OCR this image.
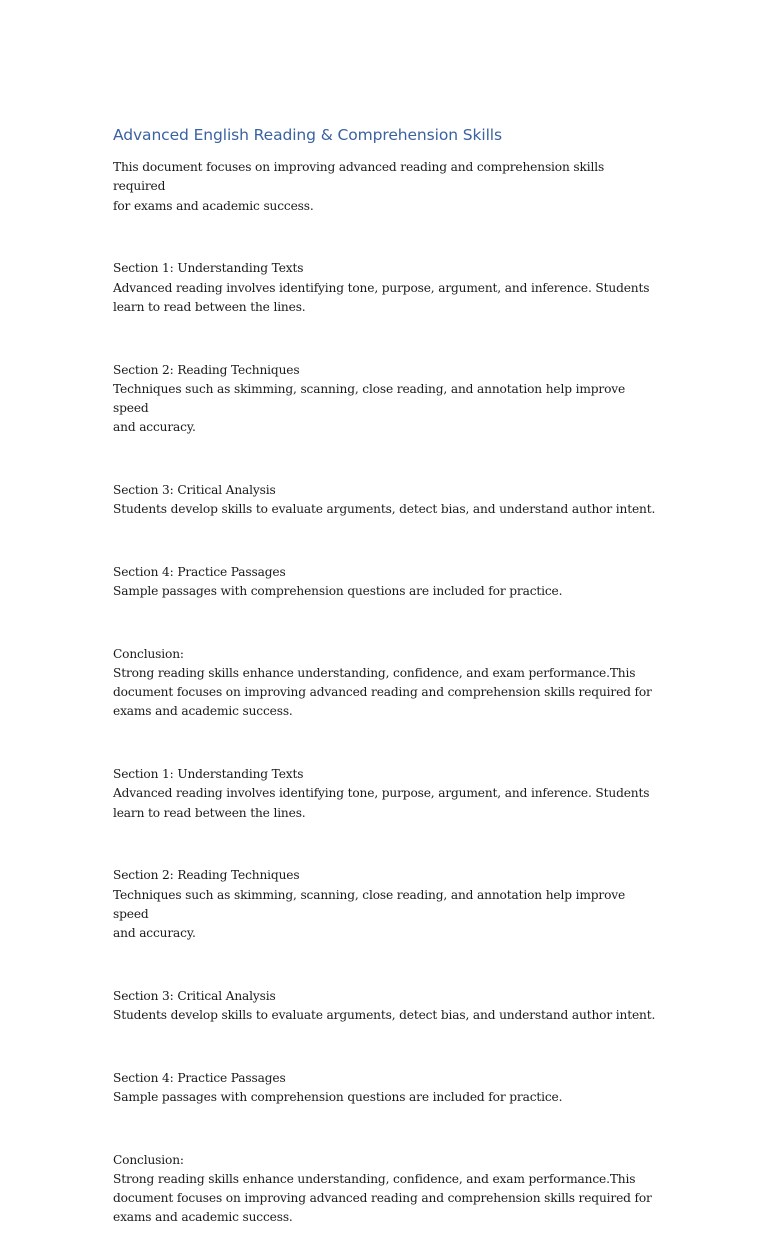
Advanced English Reading & Comprehension Skills

This document focuses on improving advanced reading and comprehension skills required
for exams and academic success.

Section 1: Understanding Texts
Advanced reading involves identifying tone, purpose, argument, and inference. Students
learn to read between the lines.

Section 2: Reading Techniques
Techniques such as skimming, scanning, close reading, and annotation help improve speed
and accuracy.

Section 3: Critical Analysis
Students develop skills to evaluate arguments, detect bias, and understand author intent.

Section 4: Practice Passages
Sample passages with comprehension questions are included for practice.

Conclusion:
Strong reading skills enhance understanding, confidence, and exam performance.This
document focuses on improving advanced reading and comprehension skills required for
exams and academic success.

Section 1: Understanding Texts
Advanced reading involves identifying tone, purpose, argument, and inference. Students
learn to read between the lines.

Section 2: Reading Techniques
Techniques such as skimming, scanning, close reading, and annotation help improve speed
and accuracy.

Section 3: Critical Analysis
Students develop skills to evaluate arguments, detect bias, and understand author intent.

Section 4: Practice Passages
Sample passages with comprehension questions are included for practice.

Conclusion:
Strong reading skills enhance understanding, confidence, and exam performance.This
document focuses on improving advanced reading and comprehension skills required for
exams and academic success.
